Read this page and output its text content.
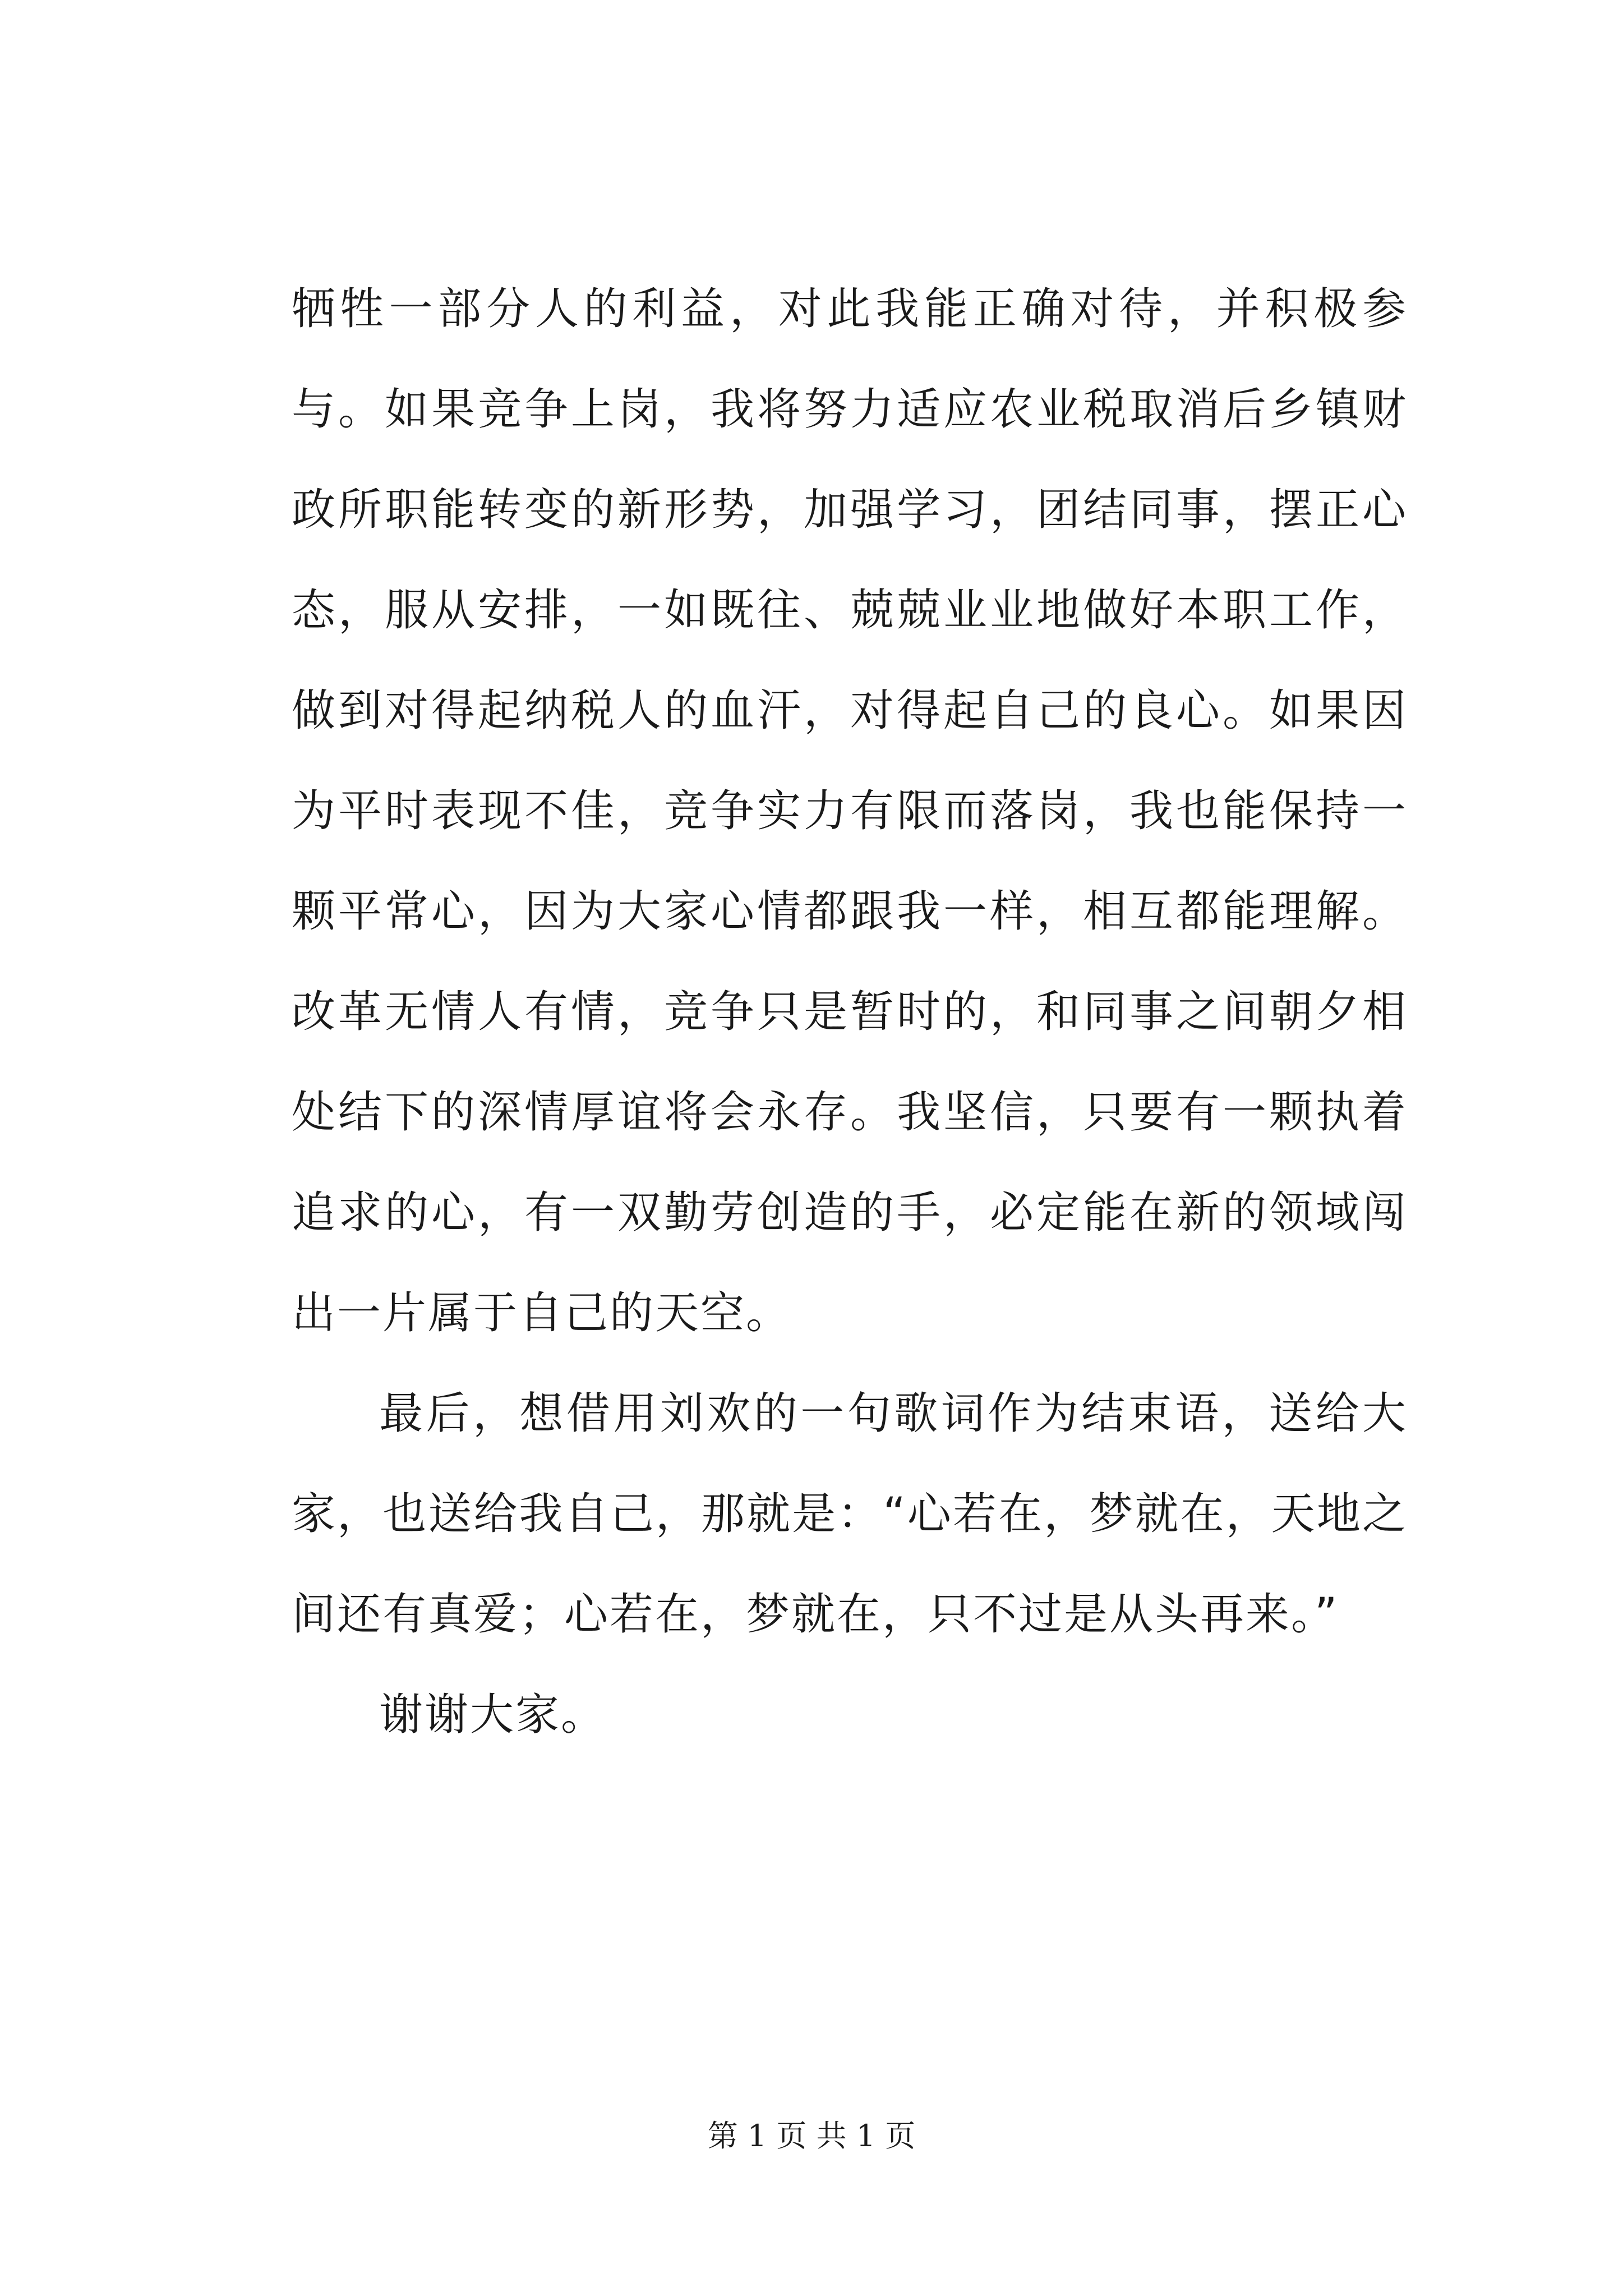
牺牲一部分人的利益，对此我能正确对待，并积极参与。如果竞争上岗，我将努力适应农业税取消后乡镇财政所职能转变的新形势，加强学习，团结同事，摆正心态，服从安排，一如既往、兢兢业业地做好本职工作，做到对得起纳税人的血汗，对得起自己的良心。如果因为平时表现不佳，竞争实力有限而落岗，我也能保持一颗平常心，因为大家心情都跟我一样，相互都能理解。改革无情人有情，竞争只是暂时的，和同事之间朝夕相处结下的深情厚谊将会永存。我坚信，只要有一颗执着追求的心，有一双勤劳创造的手，必定能在新的领域闯出一片属于自己的天空。

最后，想借用刘欢的一句歌词作为结束语，送给大家，也送给我自己，那就是：“心若在，梦就在，天地之间还有真爱；心若在，梦就在，只不过是从头再来。”

谢谢大家。

第 1 页 共 1 页
